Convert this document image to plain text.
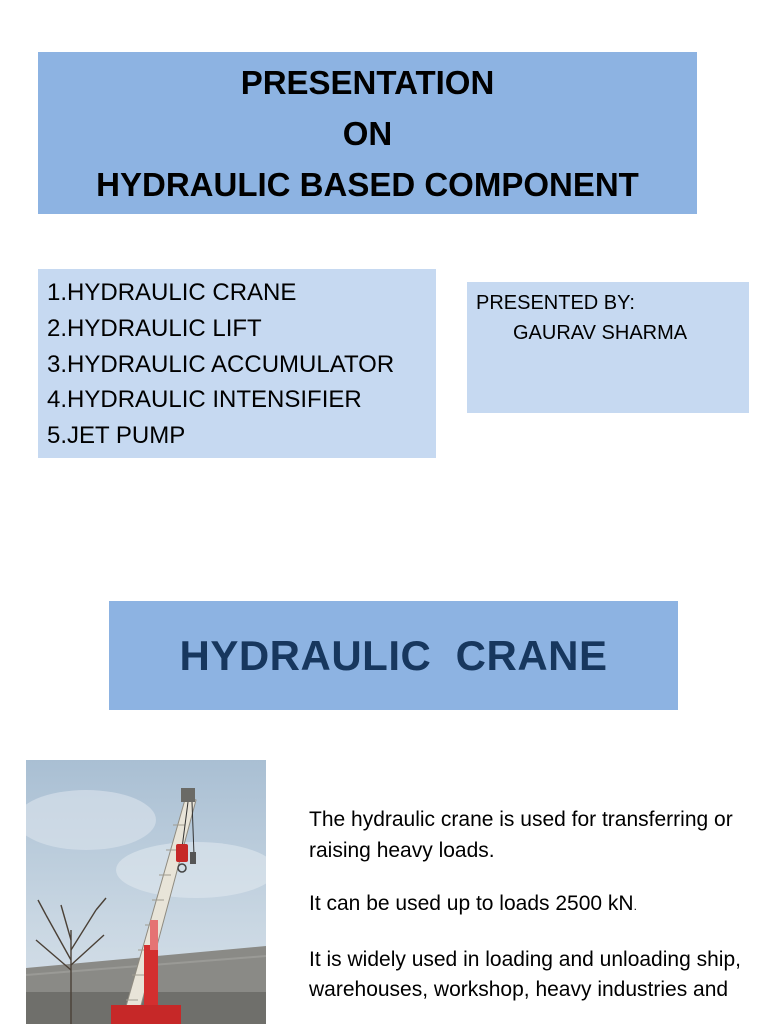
PRESENTATION
ON
HYDRAULIC BASED COMPONENT
1.HYDRAULIC CRANE
2.HYDRAULIC LIFT
3.HYDRAULIC ACCUMULATOR
4.HYDRAULIC INTENSIFIER
5.JET PUMP
PRESENTED BY:
GAURAV SHARMA
HYDRAULIC  CRANE

The hydraulic crane is used for transferring or raising heavy loads.

It can be used up to loads 2500 kN.

It is widely used in loading and unloading ship, warehouses, workshop, heavy industries and
